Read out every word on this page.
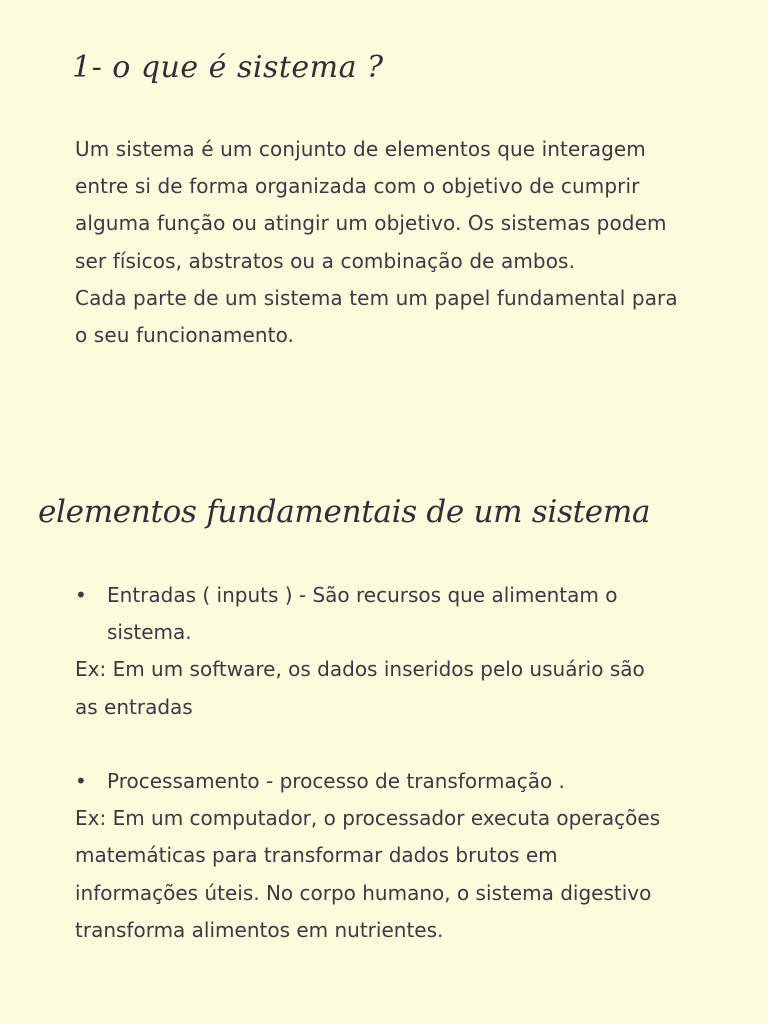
1- o que é sistema ?
Um sistema é um conjunto de elementos que interagem
entre si de forma organizada com o objetivo de cumprir
alguma função ou atingir um objetivo. Os sistemas podem
ser físicos, abstratos ou a combinação de ambos.
Cada parte de um sistema tem um papel fundamental para
o seu funcionamento.
elementos fundamentais de um sistema
• Entradas ( inputs ) - São recursos que alimentam o
sistema.
Ex: Em um software, os dados inseridos pelo usuário são
as entradas
• Processamento - processo de transformação .
Ex: Em um computador, o processador executa operações
matemáticas para transformar dados brutos em
informações úteis. No corpo humano, o sistema digestivo
transforma alimentos em nutrientes.
